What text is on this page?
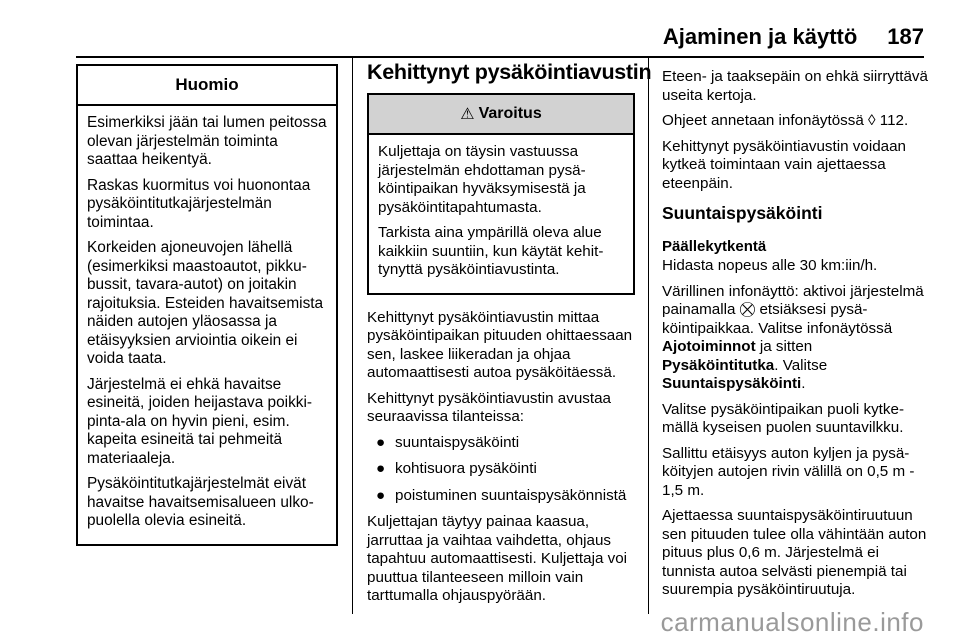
Ajaminen ja käyttö 187
Huomio

Esimerkiksi jään tai lumen peitossa olevan järjestelmän toiminta saattaa heikentyä.

Raskas kuormitus voi huonontaa pysäköintitutkajärjestelmän toimintaa.

Korkeiden ajoneuvojen lähellä (esimerkiksi maastoautot, pikkubussit, tavara-autot) on joitakin rajoituksia. Esteiden havaitsemista näiden autojen yläosassa ja etäisyyksien arviointia oikein ei voida taata.

Järjestelmä ei ehkä havaitse esineitä, joiden heijastava poikkipinta-ala on hyvin pieni, esim. kapeita esineitä tai pehmeitä materiaaleja.

Pysäköintitutkajärjestelmät eivät havaitse havaitsemisalueen ulkopuolella olevia esineitä.

Kehittynyt pysäköintiavustin
⚠ Varoitus

Kuljettaja on täysin vastuussa järjestelmän ehdottaman pysäköintipaikan hyväksymisestä ja pysäköintitapahtumasta.

Tarkista aina ympärillä oleva alue kaikkiin suuntiin, kun käytät kehittynyttä pysäköintiavustinta.

Kehittynyt pysäköintiavustin mittaa pysäköintipaikan pituuden ohittaessaan sen, laskee liikeradan ja ohjaa automaattisesti autoa pysäköitäessä.

Kehittynyt pysäköintiavustin avustaa seuraavissa tilanteissa:

● suuntaispysäköinti
● kohtisuora pysäköinti
● poistuminen suuntaispysäkönnistä

Kuljettajan täytyy painaa kaasua, jarruttaa ja vaihtaa vaihdetta, ohjaus tapahtuu automaattisesti. Kuljettaja voi puuttua tilanteeseen milloin vain tarttumalla ohjauspyörään.

Eteen- ja taaksepäin on ehkä siirryttävä useita kertoja.

Ohjeet annetaan infonäytössä ◊ 112.

Kehittynyt pysäköintiavustin voidaan kytkeä toimintaan vain ajettaessa eteenpäin.

Suuntaispysäköinti
Päällekytkentä

Hidasta nopeus alle 30 km:iin/h.

Värillinen infonäyttö: aktivoi järjestelmä painamalla ⛒ etsiäksesi pysäköintipaikkaa. Valitse infonäytössä Ajotoiminnot ja sitten Pysäköintitutka. Valitse Suuntaispysäköinti.

Valitse pysäköintipaikan puoli kytkemällä kyseisen puolen suuntavilkku.

Sallittu etäisyys auton kyljen ja pysäköityjen autojen rivin välillä on 0,5 m - 1,5 m.

Ajettaessa suuntaispysäköintiruutuun sen pituuden tulee olla vähintään auton pituus plus 0,6 m. Järjestelmä ei tunnista autoa selvästi pienempiä tai suurempia pysäköintiruutuja.

carmanualsonline.info
